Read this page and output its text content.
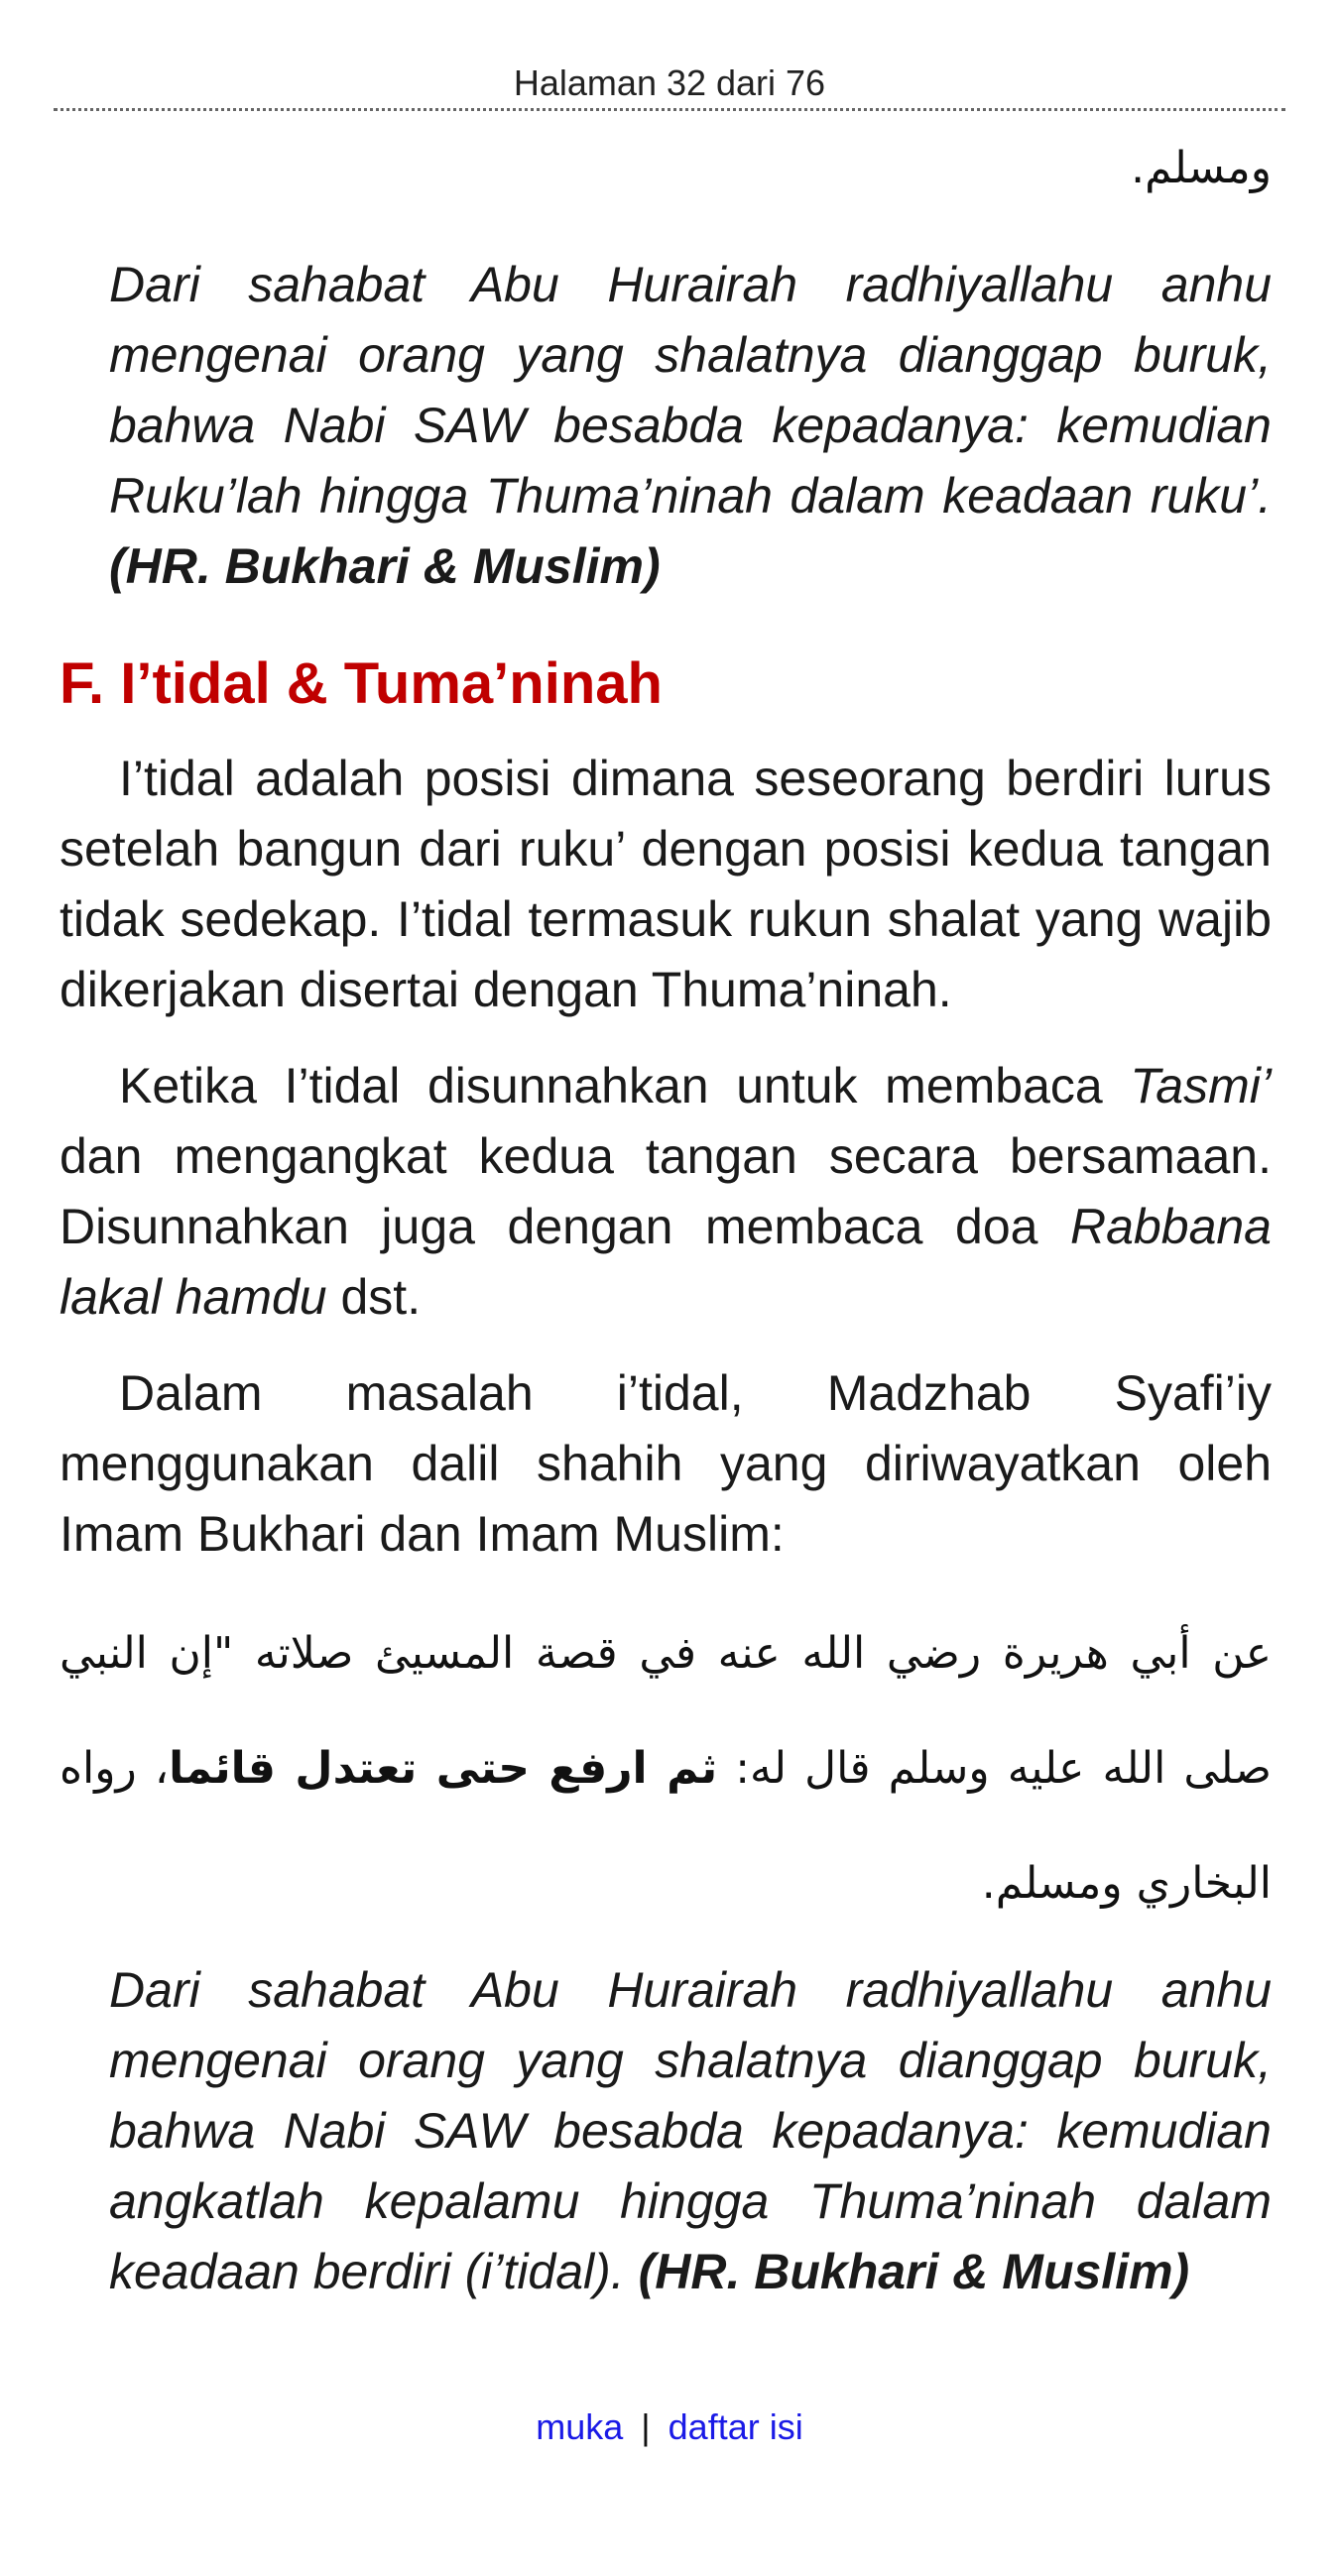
Halaman 32 dari 76
ومسلم.
Dari sahabat Abu Hurairah radhiyallahu anhu mengenai orang yang shalatnya dianggap buruk, bahwa Nabi SAW besabda kepadanya: kemudian Ruku’lah hingga Thuma’ninah dalam keadaan ruku’. (HR. Bukhari & Muslim)
F. I’tidal & Tuma’ninah

I’tidal adalah posisi dimana seseorang berdiri lurus setelah bangun dari ruku’ dengan posisi kedua tangan tidak sedekap. I’tidal termasuk rukun shalat yang wajib dikerjakan disertai dengan Thuma’ninah.

Ketika I’tidal disunnahkan untuk membaca Tasmi’ dan mengangkat kedua tangan secara bersamaan. Disunnahkan juga dengan membaca doa Rabbana lakal hamdu dst.

Dalam masalah i’tidal, Madzhab Syafi’iy menggunakan dalil shahih yang diriwayatkan oleh Imam Bukhari dan Imam Muslim:

عن أبي هريرة رضي الله عنه في قصة المسيئ صلاته "إن النبي صلى الله عليه وسلم قال له: ثم ارفع حتى تعتدل قائما، رواه البخاري ومسلم.
Dari sahabat Abu Hurairah radhiyallahu anhu mengenai orang yang shalatnya dianggap buruk, bahwa Nabi SAW besabda kepadanya: kemudian angkatlah kepalamu hingga Thuma’ninah dalam keadaan berdiri (i’tidal). (HR. Bukhari & Muslim)
muka | daftar isi
